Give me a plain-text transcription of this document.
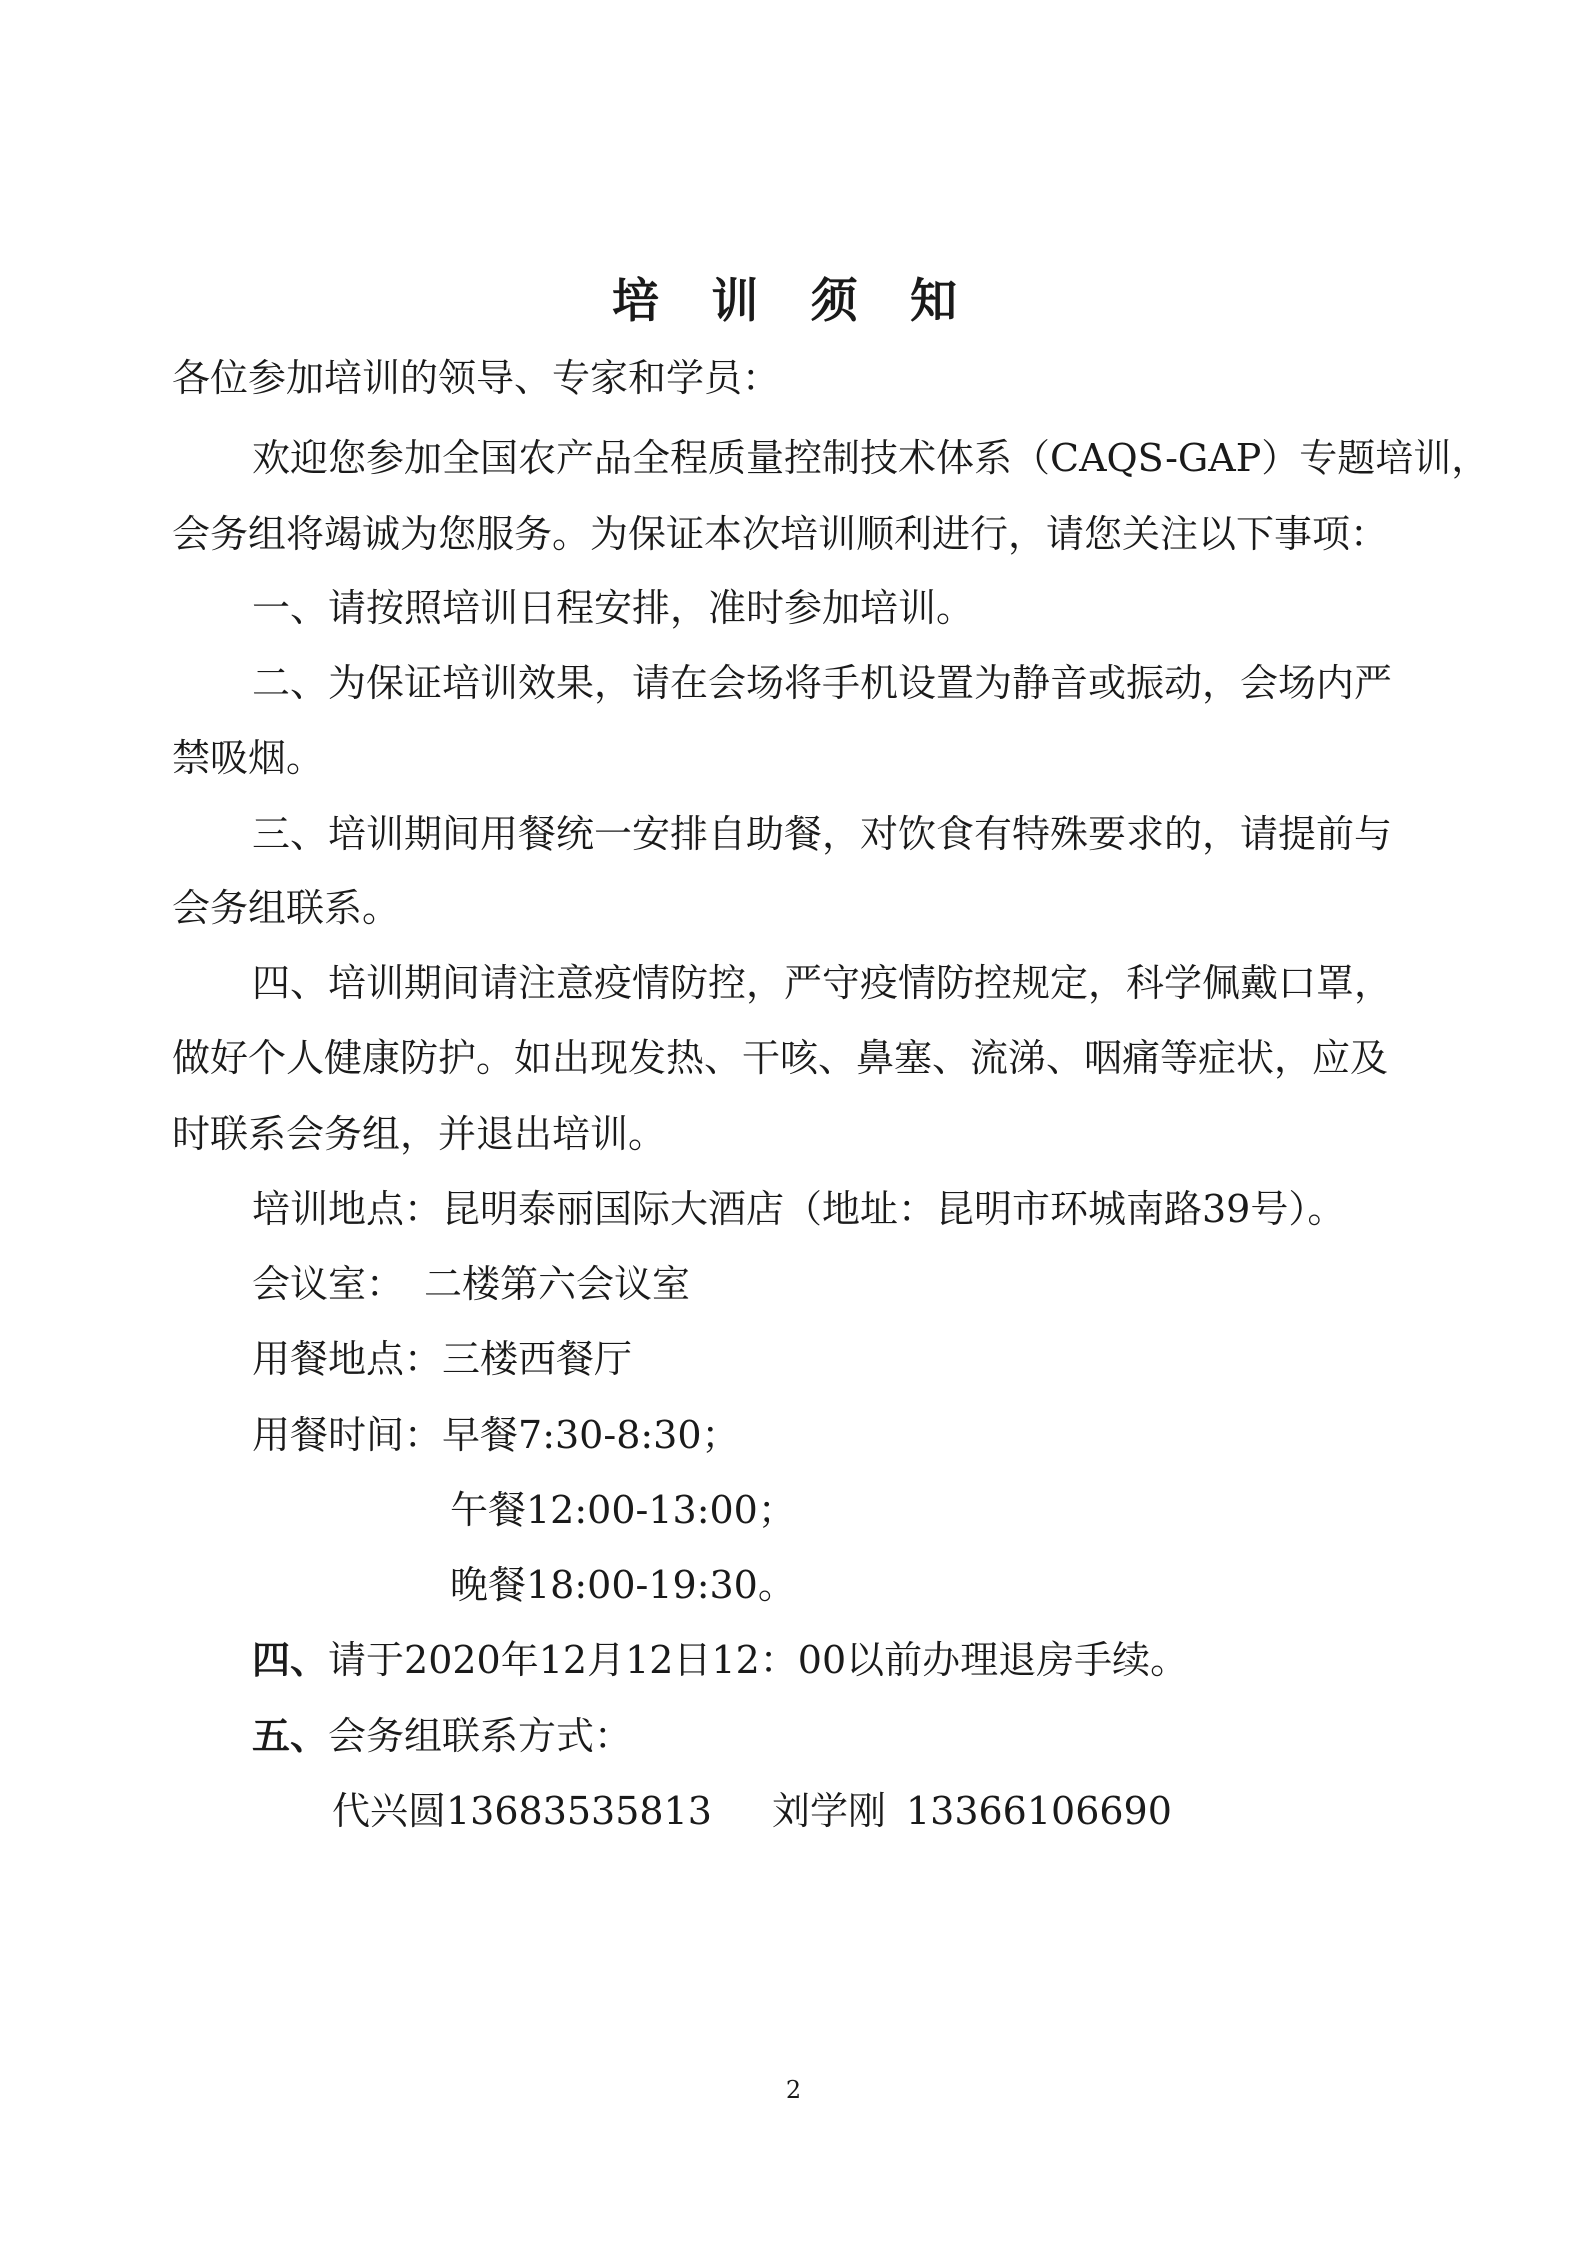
培 训 须 知
各位参加培训的领导、专家和学员：
欢迎您参加全国农产品全程质量控制技术体系（CAQS-GAP）专题培训，
会务组将竭诚为您服务。为保证本次培训顺利进行，请您关注以下事项：
一、请按照培训日程安排，准时参加培训。
二、为保证培训效果，请在会场将手机设置为静音或振动，会场内严
禁吸烟。
三、培训期间用餐统一安排自助餐，对饮食有特殊要求的，请提前与
会务组联系。
四、培训期间请注意疫情防控，严守疫情防控规定，科学佩戴口罩，
做好个人健康防护。如出现发热、干咳、鼻塞、流涕、咽痛等症状，应及
时联系会务组，并退出培训。
培训地点：昆明泰丽国际大酒店（地址：昆明市环城南路39号）。
会议室： 二楼第六会议室
用餐地点：三楼西餐厅
用餐时间：早餐7:30-8:30；
午餐12:00-13:00；
晚餐18:00-19:30。
四、请于2020年12月12日12：00以前办理退房手续。
五、会务组联系方式：
代兴圆13683535813 刘学刚 13366106690
2
